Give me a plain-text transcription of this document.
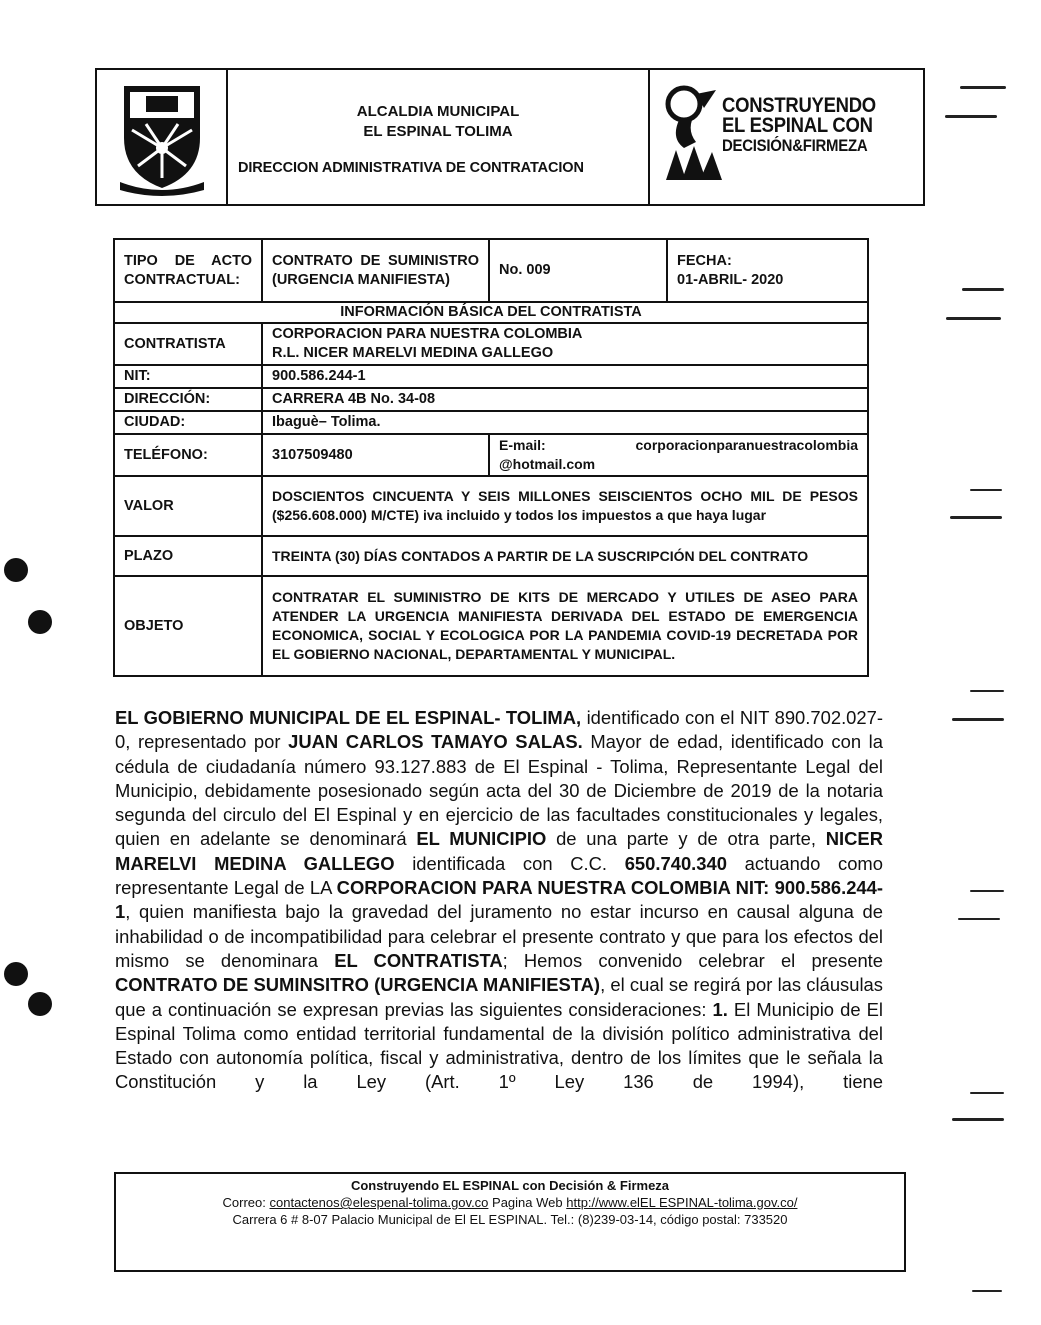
ALCALDIA MUNICIPAL
EL ESPINAL TOLIMA
DIRECCION ADMINISTRATIVA DE CONTRATACION
CONSTRUYENDO
EL ESPINAL CON
DECISIÓN&FIRMEZA
TIPO DE ACTO CONTRACTUAL:	CONTRATO DE SUMINISTRO (URGENCIA MANIFIESTA)	No. 009	FECHA:
01-ABRIL- 2020

INFORMACIÓN BÁSICA DEL CONTRATISTA			
CONTRATISTA	CORPORACION PARA NUESTRA COLOMBIA
R.L. NICER MARELVI MEDINA GALLEGO		

NIT:	900.586.244-1		
DIRECCIÓN:	CARRERA 4B No. 34-08		
CIUDAD:	Ibaguè– Tolima.		
TELÉFONO:	3107509480	E-mail: corporacionparanuestracolombia @hotmail.com	
VALOR	DOSCIENTOS CINCUENTA Y SEIS MILLONES SEISCIENTOS OCHO MIL DE PESOS ($256.608.000) M/CTE) iva incluido y todos los impuestos a que haya lugar		
PLAZO	TREINTA (30) DÍAS CONTADOS A PARTIR DE LA SUSCRIPCIÓN DEL CONTRATO		
OBJETO	CONTRATAR EL SUMINISTRO DE KITS DE MERCADO Y UTILES DE ASEO PARA ATENDER LA URGENCIA MANIFIESTA DERIVADA DEL ESTADO DE EMERGENCIA ECONOMICA, SOCIAL Y ECOLOGICA POR LA PANDEMIA COVID-19 DECRETADA POR EL GOBIERNO NACIONAL, DEPARTAMENTAL Y MUNICIPAL.		

EL GOBIERNO MUNICIPAL DE EL ESPINAL- TOLIMA, identificado con el NIT 890.702.027-0, representado por JUAN CARLOS TAMAYO SALAS. Mayor de edad, identificado con la cédula de ciudadanía número 93.127.883 de El Espinal - Tolima, Representante Legal del Municipio, debidamente posesionado según acta del 30 de Diciembre de 2019 de la notaria segunda del circulo del El Espinal y en ejercicio de las facultades constitucionales y legales, quien en adelante se denominará EL MUNICIPIO de una parte y de otra parte, NICER MARELVI MEDINA GALLEGO identificada con C.C. 650.740.340 actuando como representante Legal de LA CORPORACION PARA NUESTRA COLOMBIA NIT: 900.586.244-1, quien manifiesta bajo la gravedad del juramento no estar incurso en causal alguna de inhabilidad o de incompatibilidad para celebrar el presente contrato y que para los efectos del mismo se denominara EL CONTRATISTA; Hemos convenido celebrar el presente CONTRATO DE SUMINSITRO (URGENCIA MANIFIESTA), el cual se regirá por las cláusulas que a continuación se expresan previas las siguientes consideraciones: 1. El Municipio de El Espinal Tolima como entidad territorial fundamental de la división político administrativa del Estado con autonomía política, fiscal y administrativa, dentro de los límites que le señala la Constitución y la Ley (Art. 1º Ley 136 de 1994), tiene

Construyendo EL ESPINAL con Decisión & Firmeza
Correo: contactenos@elespenal-tolima.gov.co Pagina Web http://www.elEL ESPINAL-tolima.gov.co/
Carrera 6 # 8-07 Palacio Municipal de El EL ESPINAL. Tel.: (8)239-03-14, código postal: 733520
